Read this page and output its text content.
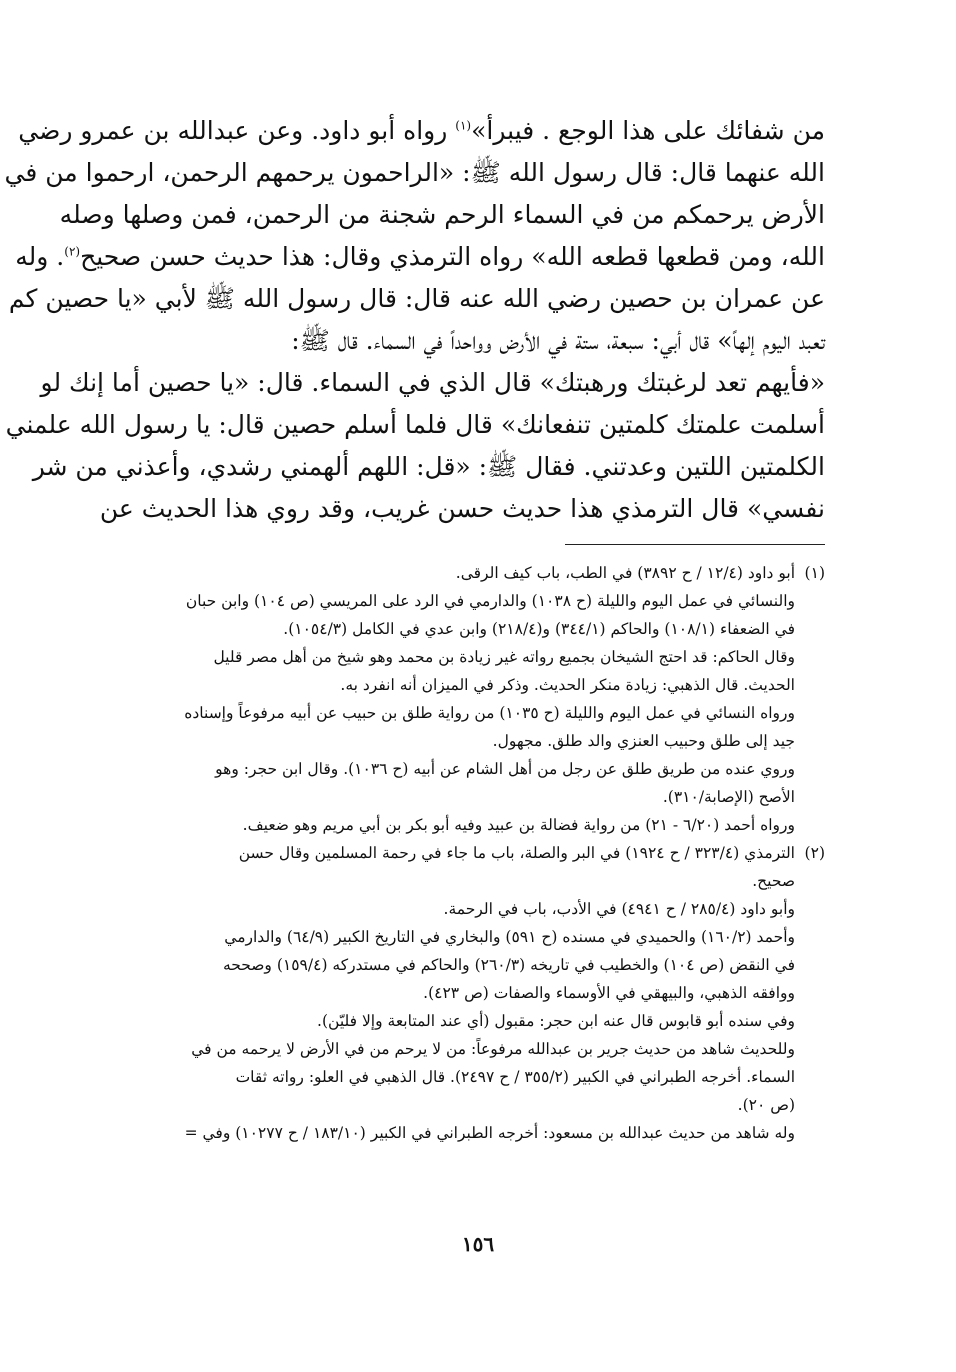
من شفائك على هذا الوجع . فيبرأ»$^{(١)}$ رواه أبو داود. وعن عبدالله بن عمرو رضي
الله عنهما قال: قال رسول الله ﷺ: «الراحمون يرحمهم الرحمن، ارحموا من في
الأرض يرحمكم من في السماء الرحم شجنة من الرحمن، فمن وصلها وصله
الله، ومن قطعها قطعه الله» رواه الترمذي وقال: هذا حديث حسن صحيح$^{(٢)}$. وله
عن عمران بن حصين رضي الله عنه قال: قال رسول الله ﷺ لأبي «يا حصين كم
تعبد اليوم إلهاً» قال أبي: سبعة، ستة في الأرض وواحداً في السماء. قال ﷺ:
«فأيهم تعد لرغبتك ورهبتك» قال الذي في السماء. قال: «يا حصين أما إنك لو
أسلمت علمتك كلمتين تنفعانك» قال فلما أسلم حصين قال: يا رسول الله علمني
الكلمتين اللتين وعدتني. فقال ﷺ: «قل: اللهم ألهمني رشدي، وأعذني من شر
نفسي» قال الترمذي هذا حديث حسن غريب، وقد روي هذا الحديث عن
(١)
أبو داود (١٢/٤ / ح ٣٨٩٢) في الطب، باب كيف الرقى.
والنسائي في عمل اليوم والليلة (ح ١٠٣٨) والدارمي في الرد على المريسي (ص ١٠٤) وابن حبان
في الضعفاء (١٠٨/١) والحاكم (٣٤٤/١) و(٢١٨/٤) وابن عدي في الكامل (١٠٥٤/٣).
وقال الحاكم: قد احتج الشيخان بجميع رواته غير زيادة بن محمد وهو شيخ من أهل مصر قليل
الحديث. قال الذهبي: زيادة منكر الحديث. وذكر في الميزان أنه انفرد به.
ورواه النسائي في عمل اليوم والليلة (ح ١٠٣٥) من رواية طلق بن حبيب عن أبيه مرفوعاً وإسناده
جيد إلى طلق وحبيب العنزي والد طلق. مجهول.
وروي عنده من طريق طلق عن رجل من أهل الشام عن أبيه (ح ١٠٣٦). وقال ابن حجر: وهو
الأصح (الإصابة/٣١٠).
ورواه أحمد (٦/٢٠ - ٢١) من رواية فضالة بن عبيد وفيه أبو بكر بن أبي مريم وهو ضعيف.
(٢)
الترمذي (٣٢٣/٤ / ح ١٩٢٤) في البر والصلة، باب ما جاء في رحمة المسلمين وقال حسن
صحيح.
وأبو داود (٢٨٥/٤ / ح ٤٩٤١) في الأدب، باب في الرحمة.
وأحمد (١٦٠/٢) والحميدي في مسنده (ح ٥٩١) والبخاري في التاريخ الكبير (٦٤/٩) والدارمي
في النقض (ص ١٠٤) والخطيب في تاريخه (٢٦٠/٣) والحاكم في مستدركه (١٥٩/٤) وصححه
ووافقه الذهبي، والبيهقي في الأوسماء والصفات (ص ٤٢٣).
وفي سنده أبو قابوس قال عنه ابن حجر: مقبول (أي عند المتابعة وإلا فليّن).
وللحديث شاهد من حديث جرير بن عبدالله مرفوعاً: من لا يرحم من في الأرض لا يرحمه من في
السماء. أخرجه الطبراني في الكبير (٣٥٥/٢ / ح ٢٤٩٧). قال الذهبي في العلو: رواته ثقات
(ص ٢٠).
وله شاهد من حديث عبدالله بن مسعود: أخرجه الطبراني في الكبير (١٨٣/١٠ / ح ١٠٢٧٧) وفي =
١٥٦
